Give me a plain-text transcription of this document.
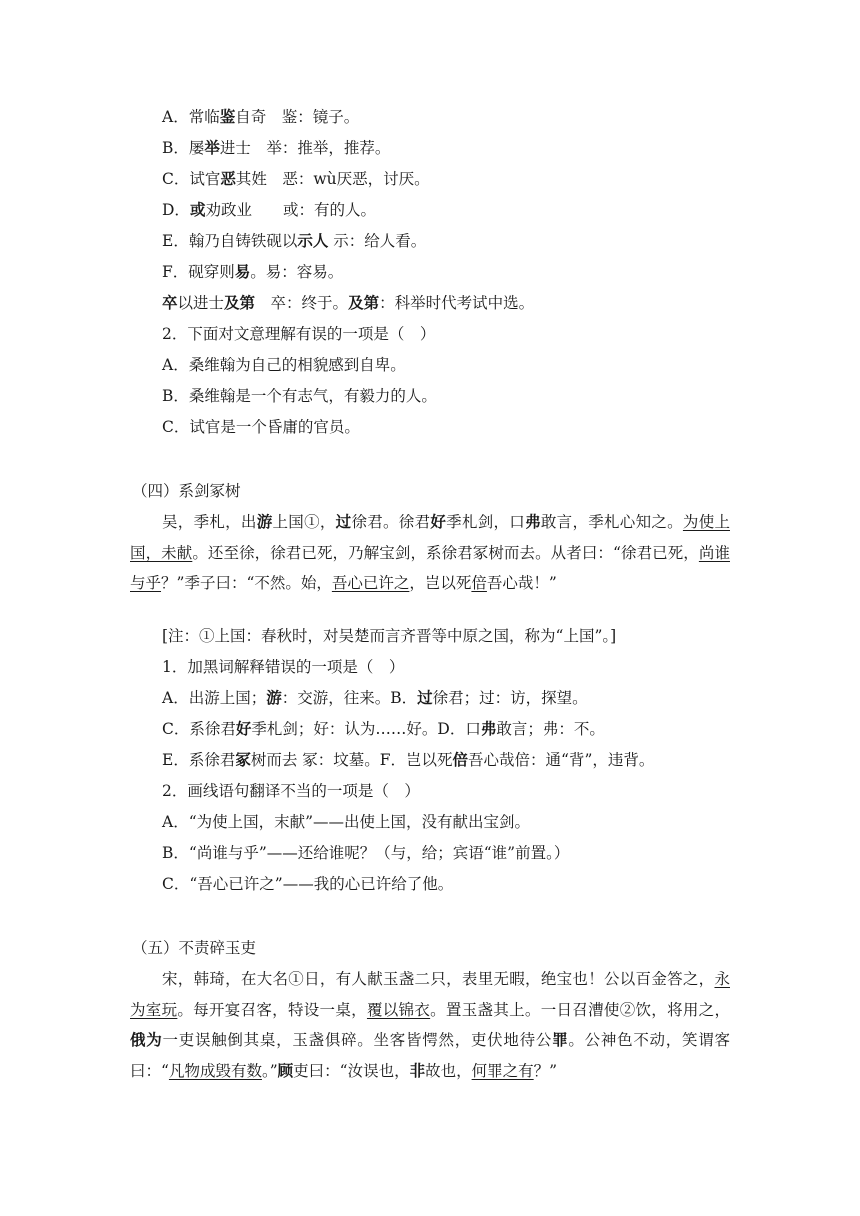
A．常临鉴自奇　鉴：镜子。
B．屡举进士　举：推举，推荐。
C．试官恶其姓　恶：wù厌恶，讨厌。
D．或劝政业　　或：有的人。
E．翰乃自铸铁砚以示人 示：给人看。
F．砚穿则易。易：容易。
卒以进士及第　卒：终于。及第：科举时代考试中选。
2．下面对文意理解有误的一项是（　）
A．桑维翰为自己的相貌感到自卑。
B．桑维翰是一个有志气，有毅力的人。
C．试官是一个昏庸的官员。
（四）系剑冢树
吴，季札，出游上国①，过徐君。徐君好季札剑，口弗敢言，季札心知之。为使上国，未献。还至徐，徐君已死，乃解宝剑，系徐君冢树而去。从者曰：“徐君已死，尚谁与乎？”季子曰：“不然。始，吾心已许之，岂以死倍吾心哉！”
[注：①上国：春秋时，对吴楚而言齐晋等中原之国，称为“上国”。]
1．加黑词解释错误的一项是（　）
A．出游上国；游：交游，往来。B．过徐君；过：访，探望。
C．系徐君好季札剑；好：认为……好。D．口弗敢言；弗：不。
E．系徐君冢树而去 冢：坟墓。F．岂以死倍吾心哉倍：通“背”，违背。
2．画线语句翻译不当的一项是（　）
A．“为使上国，末献”——出使上国，没有献出宝剑。
B．“尚谁与乎”——还给谁呢？（与，给；宾语“谁”前置。）
C．“吾心已许之”——我的心已许给了他。
（五）不责碎玉吏
宋，韩琦，在大名①日，有人献玉盏二只，表里无暇，绝宝也！公以百金答之，永为室玩。每开宴召客，特设一桌，覆以锦衣。置玉盏其上。一日召漕使②饮，将用之，俄为一吏误触倒其桌，玉盏俱碎。坐客皆愕然，吏伏地待公罪。公神色不动，笑谓客曰：“凡物成毁有数。”顾吏曰：“汝误也，非故也，何罪之有？”
